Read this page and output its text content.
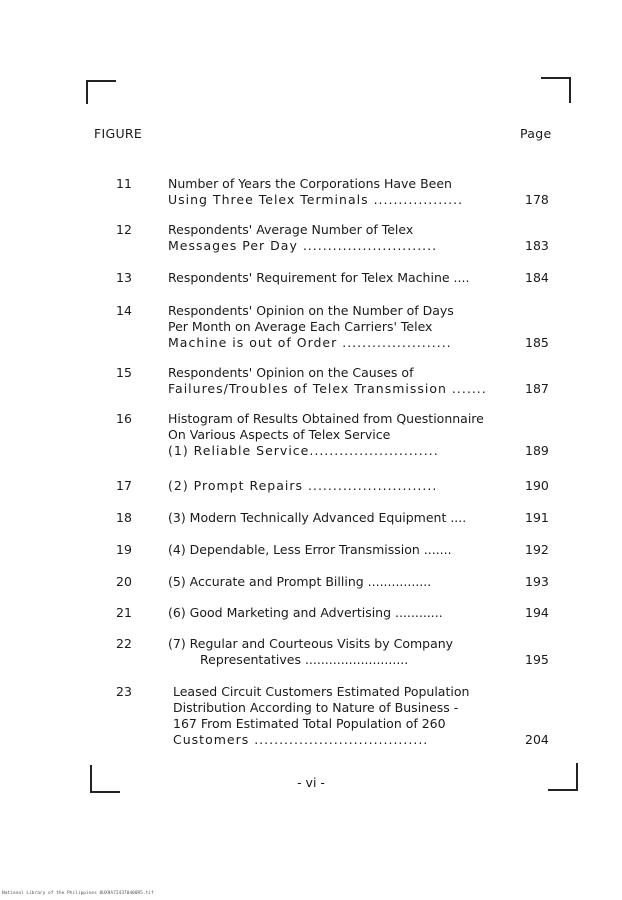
FIGURE	Page
11	Number of Years the Corporations Have Been
Using Three Telex Terminals ..................	178
12	Respondents' Average Number of Telex
Messages Per Day ...........................	183
13	Respondents' Requirement for Telex Machine ....	184
14	Respondents' Opinion on the Number of Days
Per Month on Average Each Carriers' Telex
Machine is out of Order ......................	185
15	Respondents' Opinion on the Causes of
Failures/Troubles of Telex Transmission .......	187
16	Histogram of Results Obtained from Questionnaire
On Various Aspects of Telex Service
(1) Reliable Service..........................	189
17	(2) Prompt Repairs ..........................	190
18	(3) Modern Technically Advanced Equipment ....	191
19	(4) Dependable, Less Error Transmission .......	192
20	(5) Accurate and Prompt Billing ................	193
21	(6) Good Marketing and Advertising ............	194
22	(7) Regular and Courteous Visits by Company
Representatives ..........................	195
23	Leased Circuit Customers Estimated Population
Distribution According to Nature of Business -
167 From Estimated Total Population of 260
Customers ...................................	204
- vi -
National Library of the Philippines 0UX9A7I4370400R5.tif
